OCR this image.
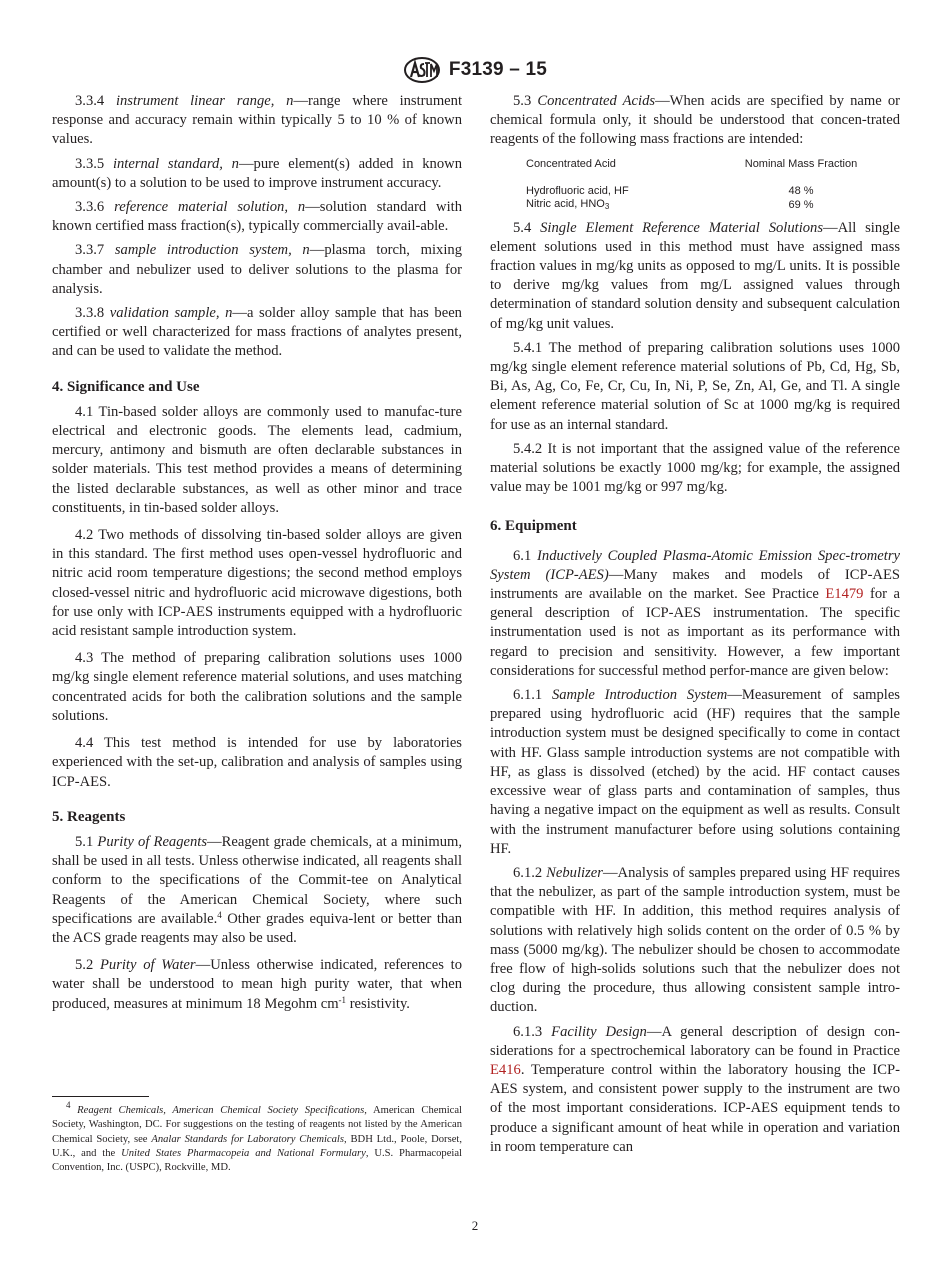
F3139 – 15

3.3.4 instrument linear range, n—range where instrument response and accuracy remain within typically 5 to 10 % of known values.

3.3.5 internal standard, n—pure element(s) added in known amount(s) to a solution to be used to improve instrument accuracy.

3.3.6 reference material solution, n—solution standard with known certified mass fraction(s), typically commercially avail-able.

3.3.7 sample introduction system, n—plasma torch, mixing chamber and nebulizer used to deliver solutions to the plasma for analysis.

3.3.8 validation sample, n—a solder alloy sample that has been certified or well characterized for mass fractions of analytes present, and can be used to validate the method.

4. Significance and Use

4.1 Tin-based solder alloys are commonly used to manufac-ture electrical and electronic goods. The elements lead, cadmium, mercury, antimony and bismuth are often declarable substances in solder materials. This test method provides a means of determining the listed declarable substances, as well as other minor and trace constituents, in tin-based solder alloys.

4.2 Two methods of dissolving tin-based solder alloys are given in this standard. The first method uses open-vessel hydrofluoric and nitric acid room temperature digestions; the second method employs closed-vessel nitric and hydrofluoric acid microwave digestions, both for use only with ICP-AES instruments equipped with a hydrofluoric acid resistant sample introduction system.

4.3 The method of preparing calibration solutions uses 1000 mg/kg single element reference material solutions, and uses matching concentrated acids for both the calibration solutions and the sample solutions.

4.4 This test method is intended for use by laboratories experienced with the set-up, calibration and analysis of samples using ICP-AES.

5. Reagents

5.1 Purity of Reagents—Reagent grade chemicals, at a minimum, shall be used in all tests. Unless otherwise indicated, all reagents shall conform to the specifications of the Commit-tee on Analytical Reagents of the American Chemical Society, where such specifications are available.$^4$ Other grades equiva-lent or better than the ACS grade reagents may also be used.

5.2 Purity of Water—Unless otherwise indicated, references to water shall be understood to mean high purity water, that when produced, measures at minimum 18 Megohm $cm^{-1}$ resistivity.

$^4$ Reagent Chemicals, American Chemical Society Specifications, American Chemical Society, Washington, DC. For suggestions on the testing of reagents not listed by the American Chemical Society, see Analar Standards for Laboratory Chemicals, BDH Ltd., Poole, Dorset, U.K., and the United States Pharmacopeia and National Formulary, U.S. Pharmacopeial Convention, Inc. (USPC), Rockville, MD.

5.3 Concentrated Acids—When acids are specified by name or chemical formula only, it should be understood that concen-trated reagents of the following mass fractions are intended:

Concentrated Acid	Nominal Mass Fraction
Hydrofluoric acid, HF	48 %
Nitric acid, $HNO_3$	69 %

5.4 Single Element Reference Material Solutions—All single element solutions used in this method must have assigned mass fraction values in mg/kg units as opposed to mg/L units. It is possible to derive mg/kg values from mg/L assigned values through determination of standard solution density and subsequent calculation of mg/kg unit values.

5.4.1 The method of preparing calibration solutions uses 1000 mg/kg single element reference material solutions of Pb, Cd, Hg, Sb, Bi, As, Ag, Co, Fe, Cr, Cu, In, Ni, P, Se, Zn, Al, Ge, and Tl. A single element reference material solution of Sc at 1000 mg/kg is required for use as an internal standard.

5.4.2 It is not important that the assigned value of the reference material solutions be exactly 1000 mg/kg; for example, the assigned value may be 1001 mg/kg or 997 mg/kg.

6. Equipment

6.1 Inductively Coupled Plasma-Atomic Emission Spec-trometry System (ICP-AES)—Many makes and models of ICP-AES instruments are available on the market. See Practice E1479 for a general description of ICP-AES instrumentation. The specific instrumentation used is not as important as its performance with regard to precision and sensitivity. However, a few important considerations for successful method perfor-mance are given below:

6.1.1 Sample Introduction System—Measurement of samples prepared using hydrofluoric acid (HF) requires that the sample introduction system must be designed specifically to come in contact with HF. Glass sample introduction systems are not compatible with HF, as glass is dissolved (etched) by the acid. HF contact causes excessive wear of glass parts and contamination of samples, thus having a negative impact on the equipment as well as results. Consult with the instrument manufacturer before using solutions containing HF.

6.1.2 Nebulizer—Analysis of samples prepared using HF requires that the nebulizer, as part of the sample introduction system, must be compatible with HF. In addition, this method requires analysis of solutions with relatively high solids content on the order of 0.5 % by mass (5000 mg/kg). The nebulizer should be chosen to accommodate free flow of high-solids solutions such that the nebulizer does not clog during the procedure, thus allowing consistent sample intro-duction.

6.1.3 Facility Design—A general description of design con-siderations for a spectrochemical laboratory can be found in Practice E416. Temperature control within the laboratory housing the ICP-AES system, and consistent power supply to the instrument are two of the most important considerations. ICP-AES equipment tends to produce a significant amount of heat while in operation and variation in room temperature can

2
